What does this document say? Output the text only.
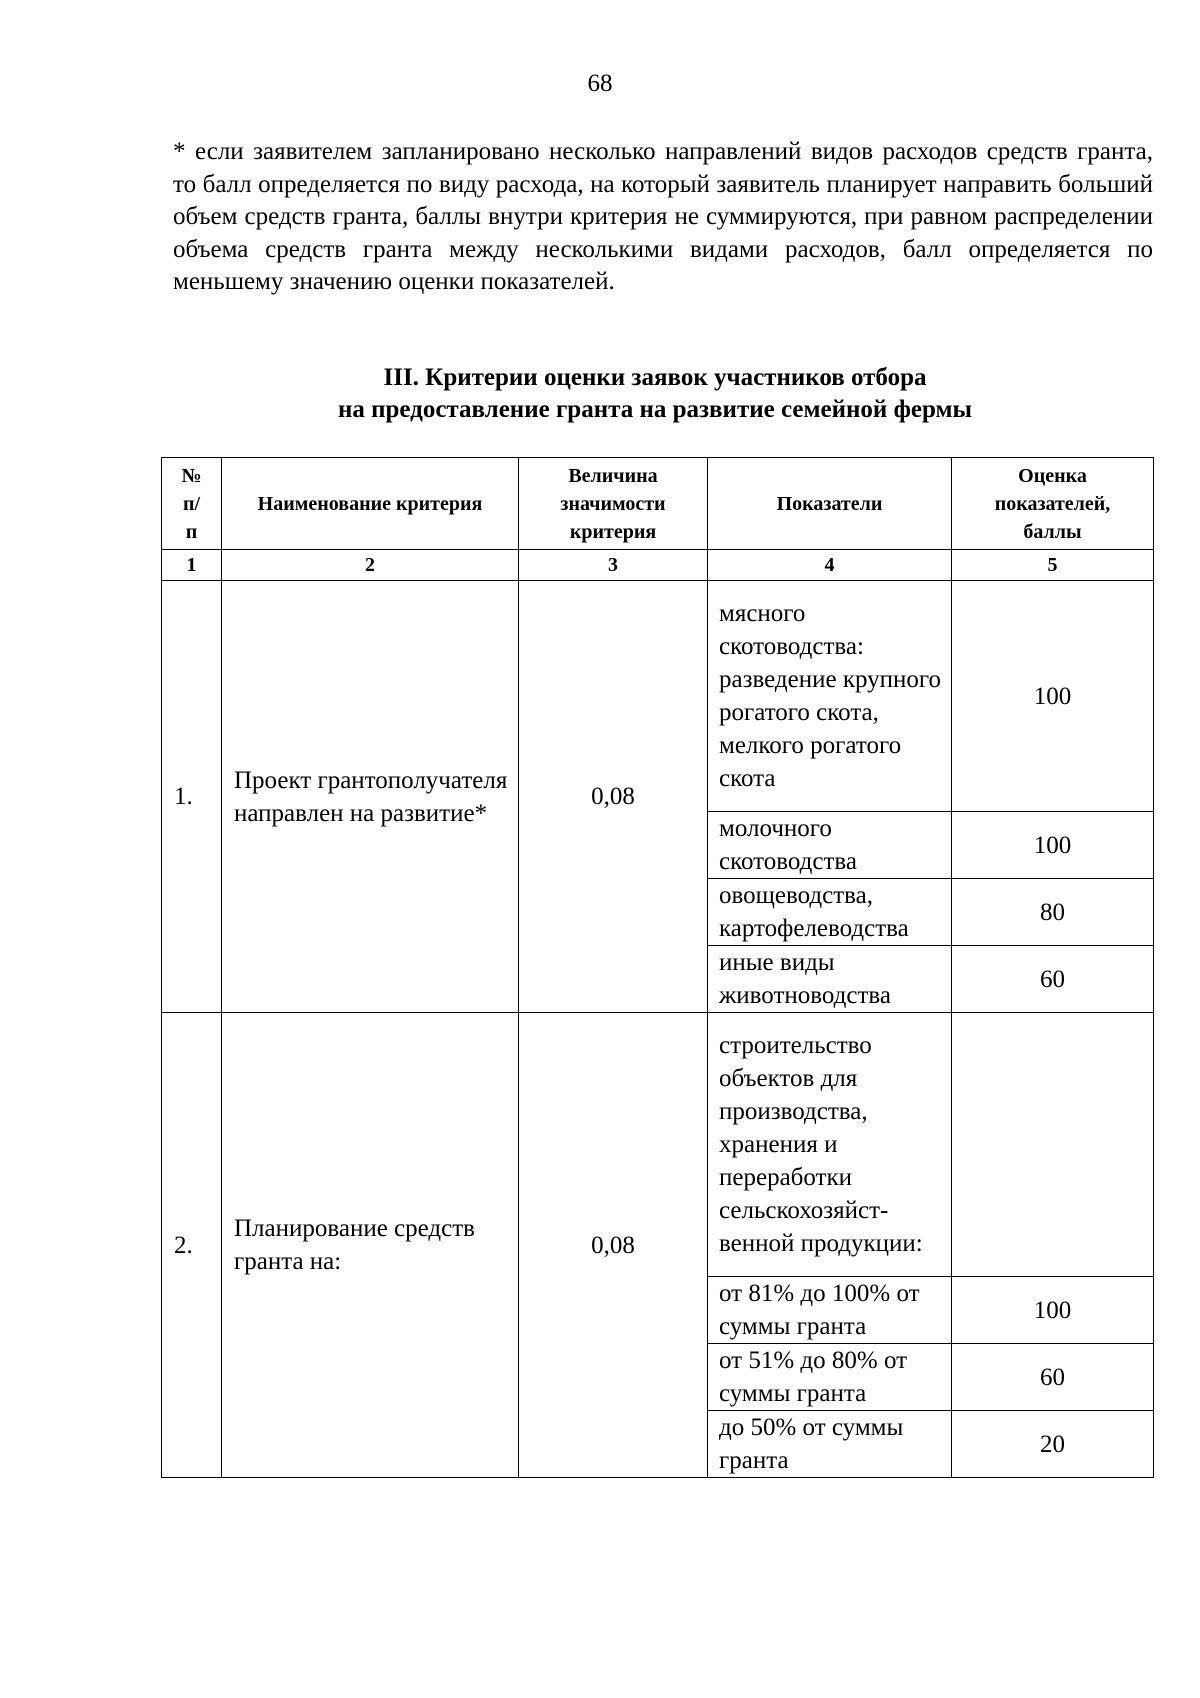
68
* если заявителем запланировано несколько направлений видов расходов средств гранта, то балл определяется по виду расхода, на который заявитель планирует направить больший объем средств гранта, баллы внутри критерия не суммируются, при равном распределении объема средств гранта между несколькими видами расходов, балл определяется по меньшему значению оценки показателей.
III. Критерии оценки заявок участников отбора
на предоставление гранта на развитие семейной фермы
№ п/п	Наименование критерия	Величина значимости критерия	Показатели	Оценка показателей, баллы
1	2	3	4	5
1.	Проект грантополучателя направлен на развитие*	0,08	мясного скотоводства: разведение крупного рогатого скота, мелкого рогатого скота	100
			молочного скотоводства	100
			овощеводства, картофелеводства	80
			иные виды животноводства	60
2.	Планирование средств гранта на:	0,08	строительство объектов для производства, хранения и переработки сельскохозяйст-венной продукции:	
			от 81% до 100% от суммы гранта	100
			от 51% до 80% от суммы гранта	60
			до 50% от суммы гранта	20
